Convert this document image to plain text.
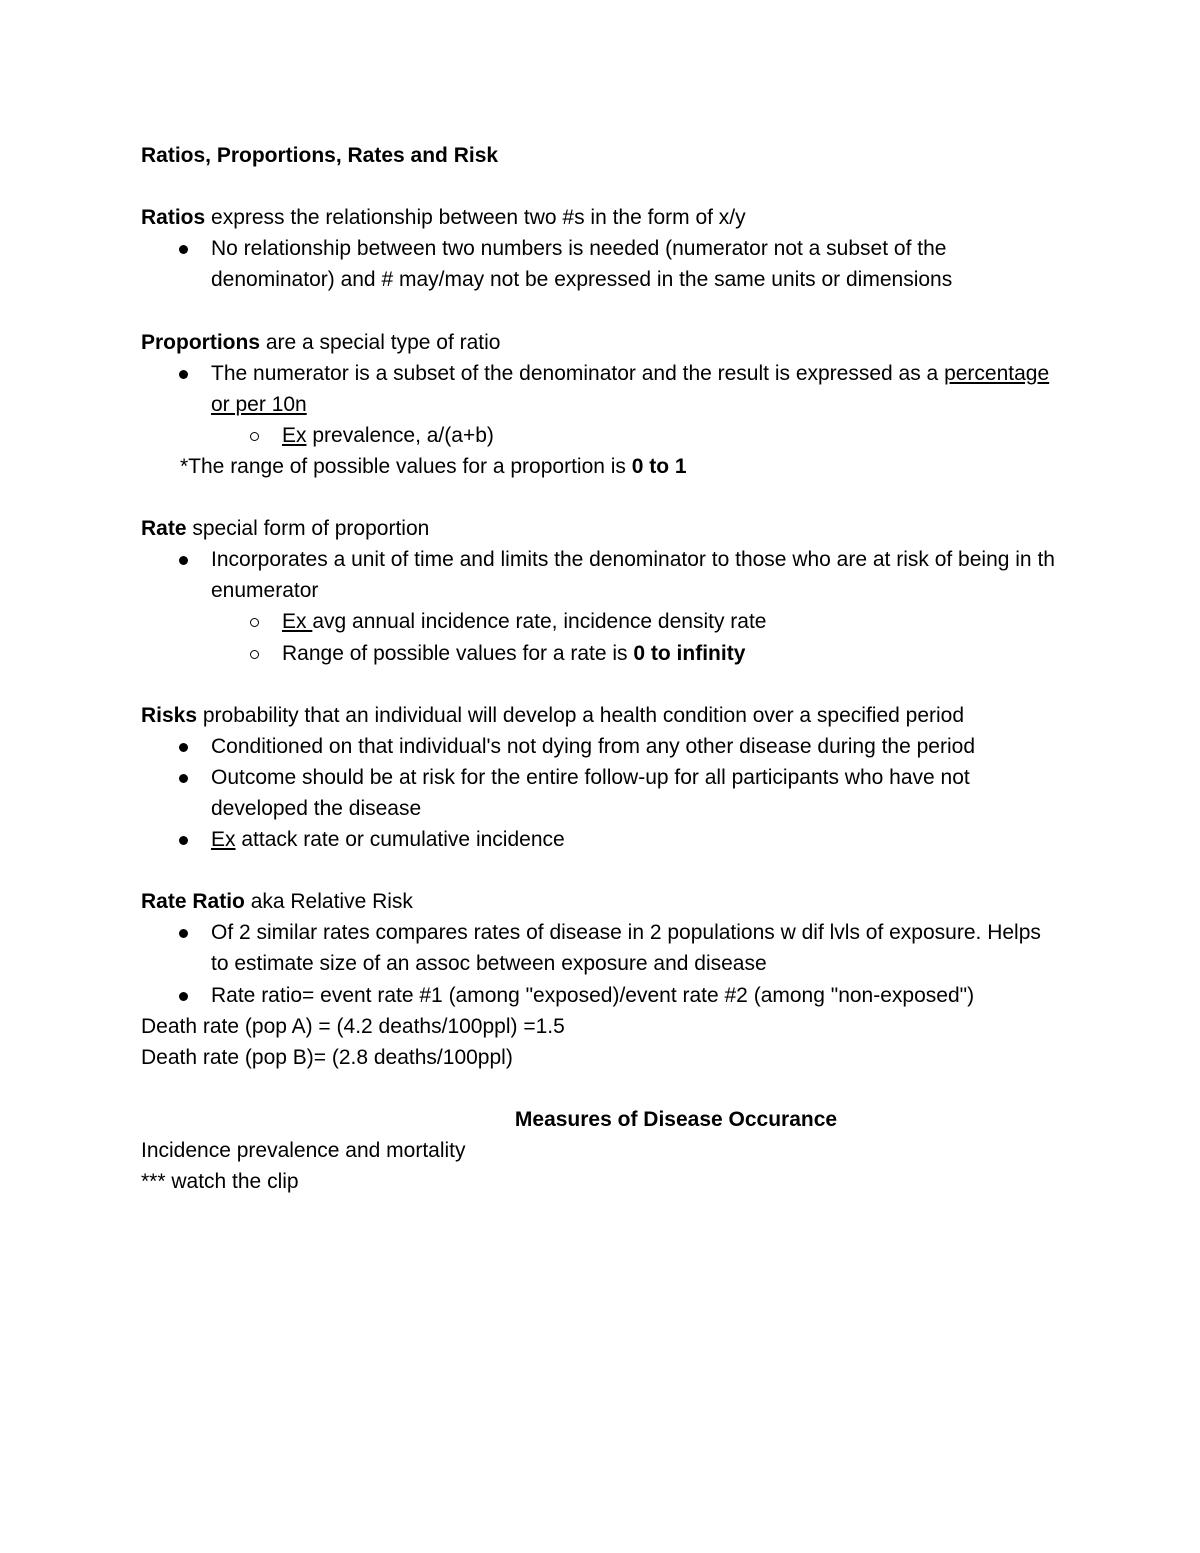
Ratios, Proportions, Rates and Risk

Ratios express the relationship between two #s in the form of x/y

No relationship between two numbers is needed (numerator not a subset of the denominator) and # may/may not be expressed in the same units or dimensions

Proportions are a special type of ratio

The numerator is a subset of the denominator and the result is expressed as a percentage or per 10n
Ex prevalence, a/(a+b)

*The range of possible values for a proportion is 0 to 1

Rate special form of proportion

Incorporates a unit of time and limits the denominator to those who are at risk of being in th enumerator
Ex avg annual incidence rate, incidence density rate
Range of possible values for a rate is 0 to infinity

Risks probability that an individual will develop a health condition over a specified period

Conditioned on that individual's not dying from any other disease during the period
Outcome should be at risk for the entire follow-up for all participants who have not developed the disease
Ex attack rate or cumulative incidence

Rate Ratio aka Relative Risk

Of 2 similar rates compares rates of disease in 2 populations w dif lvls of exposure. Helps to estimate size of an assoc between exposure and disease
Rate ratio= event rate #1 (among "exposed)/event rate #2 (among "non-exposed")

Death rate (pop A) = (4.2 deaths/100ppl) =1.5

Death rate (pop B)= (2.8 deaths/100ppl)

Measures of Disease Occurance

Incidence prevalence and mortality

*** watch the clip
